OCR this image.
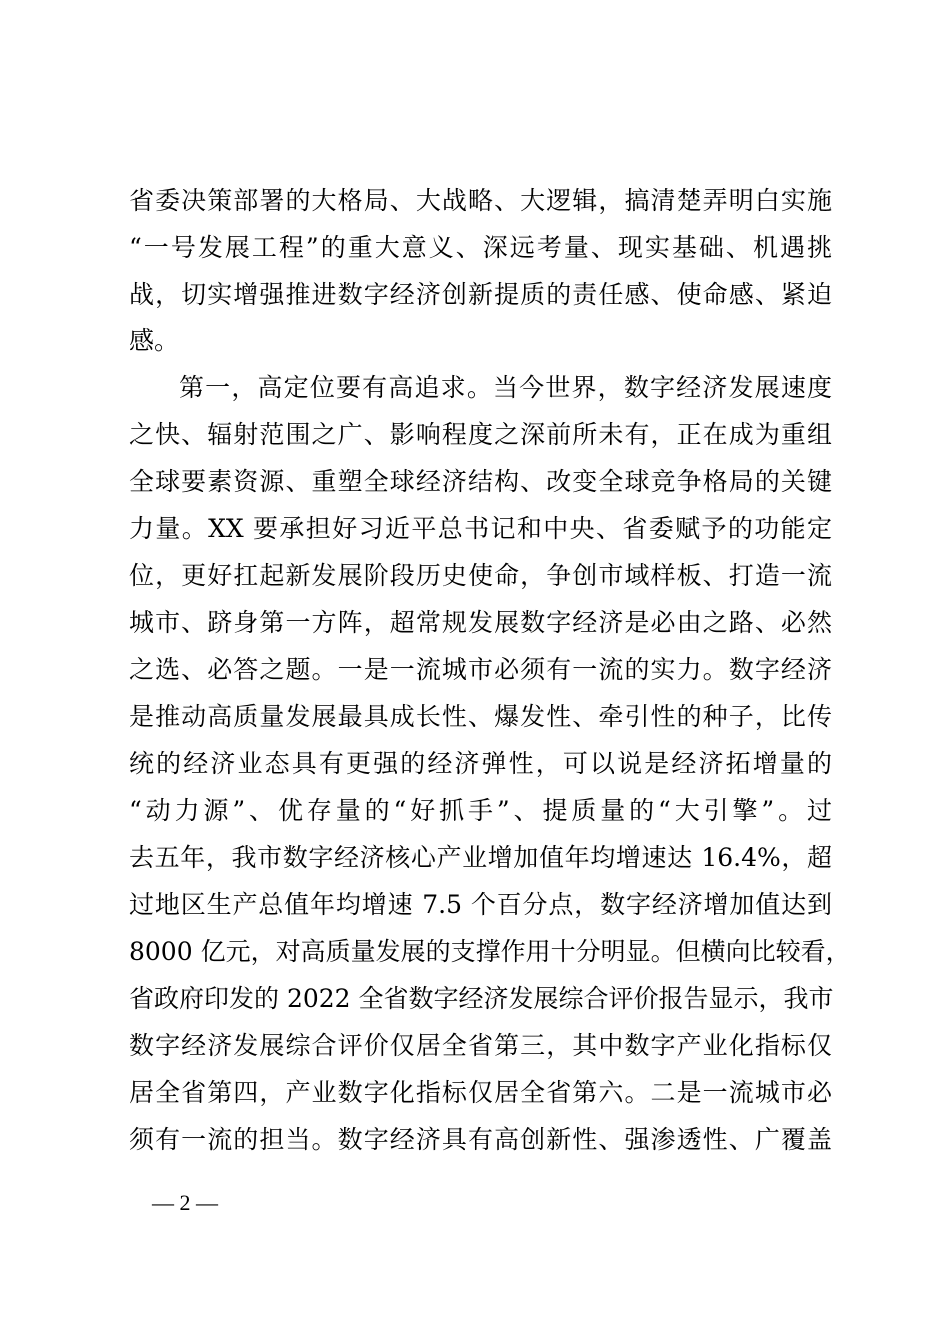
省委决策部署的大格局、大战略、大逻辑，搞清楚弄明白实施
“一号发展工程”的重大意义、深远考量、现实基础、机遇挑
战，切实增强推进数字经济创新提质的责任感、使命感、紧迫
感。
第一，高定位要有高追求。当今世界，数字经济发展速度
之快、辐射范围之广、影响程度之深前所未有，正在成为重组
全球要素资源、重塑全球经济结构、改变全球竞争格局的关键
力量。XX 要承担好习近平总书记和中央、省委赋予的功能定
位，更好扛起新发展阶段历史使命，争创市域样板、打造一流
城市、跻身第一方阵，超常规发展数字经济是必由之路、必然
之选、必答之题。一是一流城市必须有一流的实力。数字经济
是推动高质量发展最具成长性、爆发性、牵引性的种子，比传
统的经济业态具有更强的经济弹性，可以说是经济拓增量的
“动力源”、优存量的“好抓手”、提质量的“大引擎”。过
去五年，我市数字经济核心产业增加值年均增速达 16.4%，超
过地区生产总值年均增速 7.5 个百分点，数字经济增加值达到
8000 亿元，对高质量发展的支撑作用十分明显。但横向比较看，
省政府印发的 2022 全省数字经济发展综合评价报告显示，我市
数字经济发展综合评价仅居全省第三，其中数字产业化指标仅
居全省第四，产业数字化指标仅居全省第六。二是一流城市必
须有一流的担当。数字经济具有高创新性、强渗透性、广覆盖
— 2 —
